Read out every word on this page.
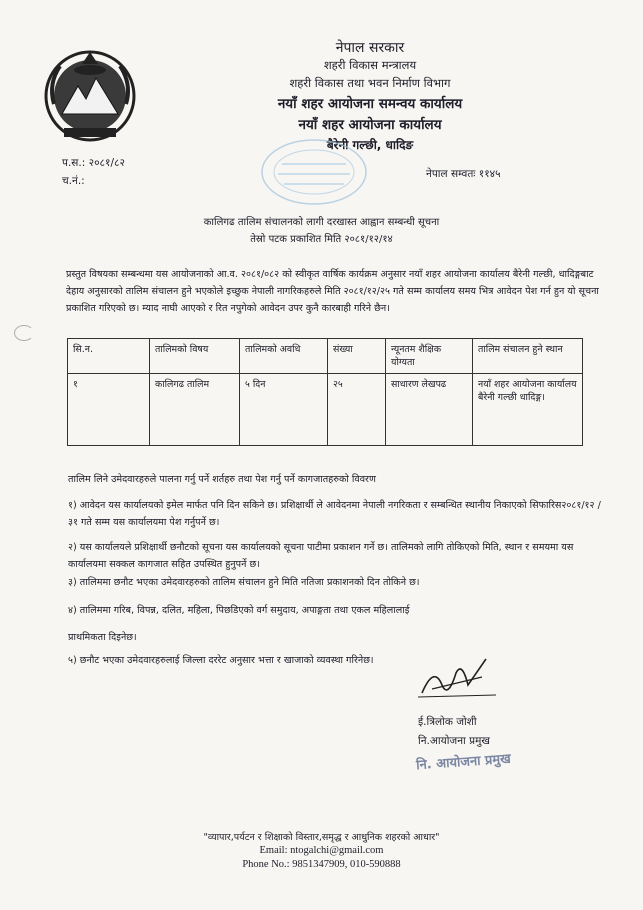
नेपाल सरकार
शहरी विकास मन्त्रालय
शहरी विकास तथा भवन निर्माण विभाग
नयाँ शहर आयोजना समन्वय कार्यालय
नयाँ शहर आयोजना कार्यालय
बैरेनी गल्छी, धादिङ
प.स.: २०८१/८२
च.नं.:
नेपाल सम्वतः ११४५
कालिगढ तालिम संचालनको लागी दरखास्त आह्वान सम्बन्धी सूचना
तेस्रो पटक प्रकाशित मिति २०८१/१२/१४
प्रस्तुत विषयका सम्बन्धमा यस आयोजनाको आ.व. २०८१/०८२ को स्वीकृत वार्षिक कार्यक्रम अनुसार नयाँ शहर आयोजना कार्यालय बैरेनी गल्छी, धादिङ्गबाट देहाय अनुसारको तालिम संचालन हुने भएकोले इच्छुक नेपाली नागरिकहरुले मिति २०८१/१२/२५ गते सम्म कार्यालय समय भित्र आवेदन पेश गर्न हुन यो सूचना प्रकाशित गरिएको छ। म्याद नाघी आएको र रित नपुगेको आवेदन उपर कुनै कारबाही गरिने छैन।
सि.न.	तालिमको विषय	तालिमको अवधि	संख्या	न्यूनतम शैक्षिक योग्यता	तालिम संचालन हुने स्थान
१	कालिगढ तालिम	५ दिन	२५	साधारण लेखपढ	नयाँ शहर आयोजना कार्यालय बैरेनी गल्छी धादिङ्ग।
तालिम लिने उमेदवारहरुले पालना गर्नु पर्ने शर्तहरु तथा पेश गर्नु पर्ने कागजातहरुको विवरण
१) आवेदन यस कार्यालयको इमेल मार्फत पनि दिन सकिने छ। प्रशिक्षार्थी ले आवेदनमा नेपाली नगरिकता र सम्बन्धित स्थानीय निकाएको सिफारिस२०८१/१२ /३१ गते सम्म यस कार्यालयमा पेश गर्नुपर्ने छ।
२) यस कार्यालयले प्रशिक्षार्थी छनौटको सूचना यस कार्यालयको सूचना पाटीमा प्रकाशन गर्ने छ। तालिमको लागि तोकिएको मिति, स्थान र समयमा यस कार्यालयमा सक्कल कागजात सहित उपस्थित हुनुपर्ने छ।
३) तालिममा छनौट भएका उमेदवारहरुको तालिम संचालन हुने मिति नतिजा प्रकाशनको दिन तोकिने छ।
४) तालिममा गरिब, विपन्न, दलित, महिला, पिछडिएको वर्ग समुदाय, अपाङ्गता तथा एकल महिलालाई
प्राथमिकता दिइनेछ।
५) छनौट भएका उमेदवारहरुलाई जिल्ला दररेट अनुसार भत्ता र खाजाको व्यवस्था गरिनेछ।
ई.त्रिलोक जोशी
नि.आयोजना प्रमुख
नि. आयोजना प्रमुख
"व्यापार,पर्यटन र शिक्षाको विस्तार,समृद्ध र आधुनिक शहरको आधार"
Email: ntogalchi@gmail.com
Phone No.: 9851347909, 010-590888
